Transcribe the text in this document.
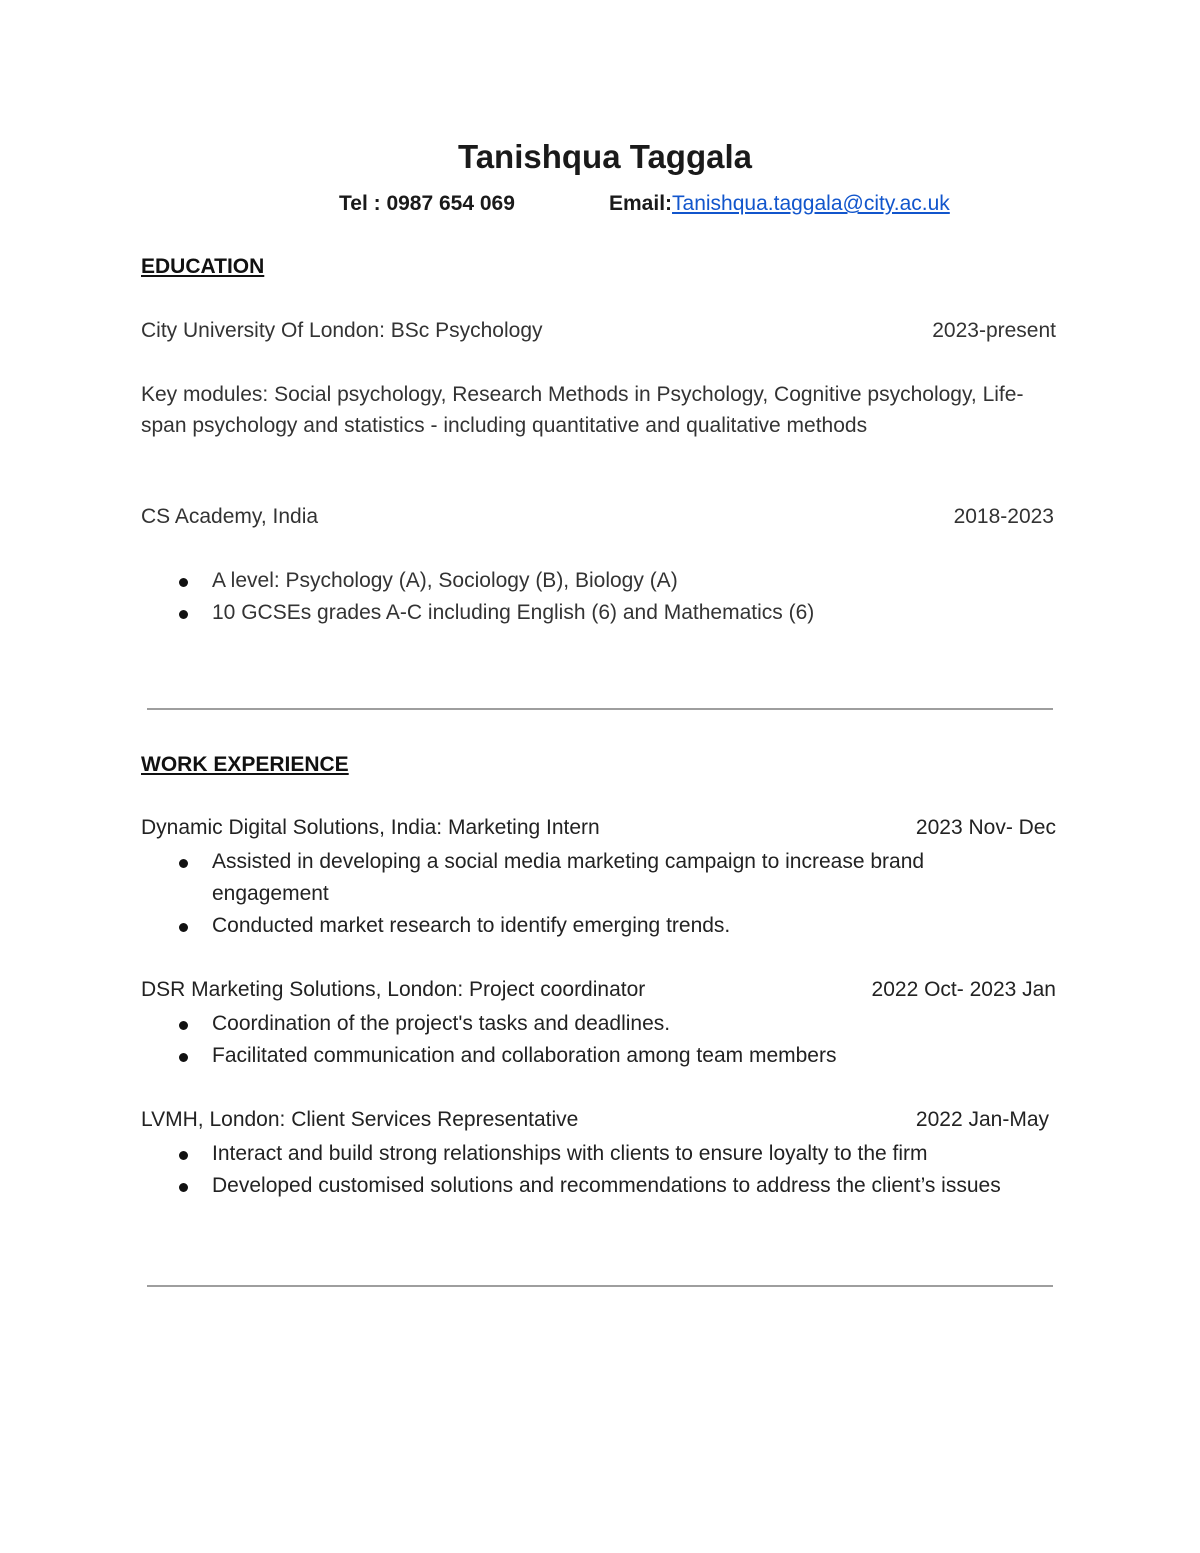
Tanishqua Taggala
Tel : 0987 654 069	Email:Tanishqua.taggala@city.ac.uk
EDUCATION
City University Of London: BSc Psychology	2023-present
Key modules: Social psychology, Research Methods in Psychology, Cognitive psychology, Life-span psychology and statistics - including quantitative and qualitative methods
CS Academy, India	2018-2023
A level: Psychology (A), Sociology (B), Biology (A)
10 GCSEs grades A-C including English (6) and Mathematics (6)
WORK EXPERIENCE
Dynamic Digital Solutions, India: Marketing Intern	2023 Nov- Dec
Assisted in developing a social media marketing campaign to increase brand engagement
Conducted market research to identify emerging trends.
DSR Marketing Solutions, London: Project coordinator	2022 Oct- 2023 Jan
Coordination of the project's tasks and deadlines.
Facilitated communication and collaboration among team members
LVMH, London: Client Services Representative	2022 Jan-May
Interact and build strong relationships with clients to ensure loyalty to the firm
Developed customised solutions and recommendations to address the client’s issues
